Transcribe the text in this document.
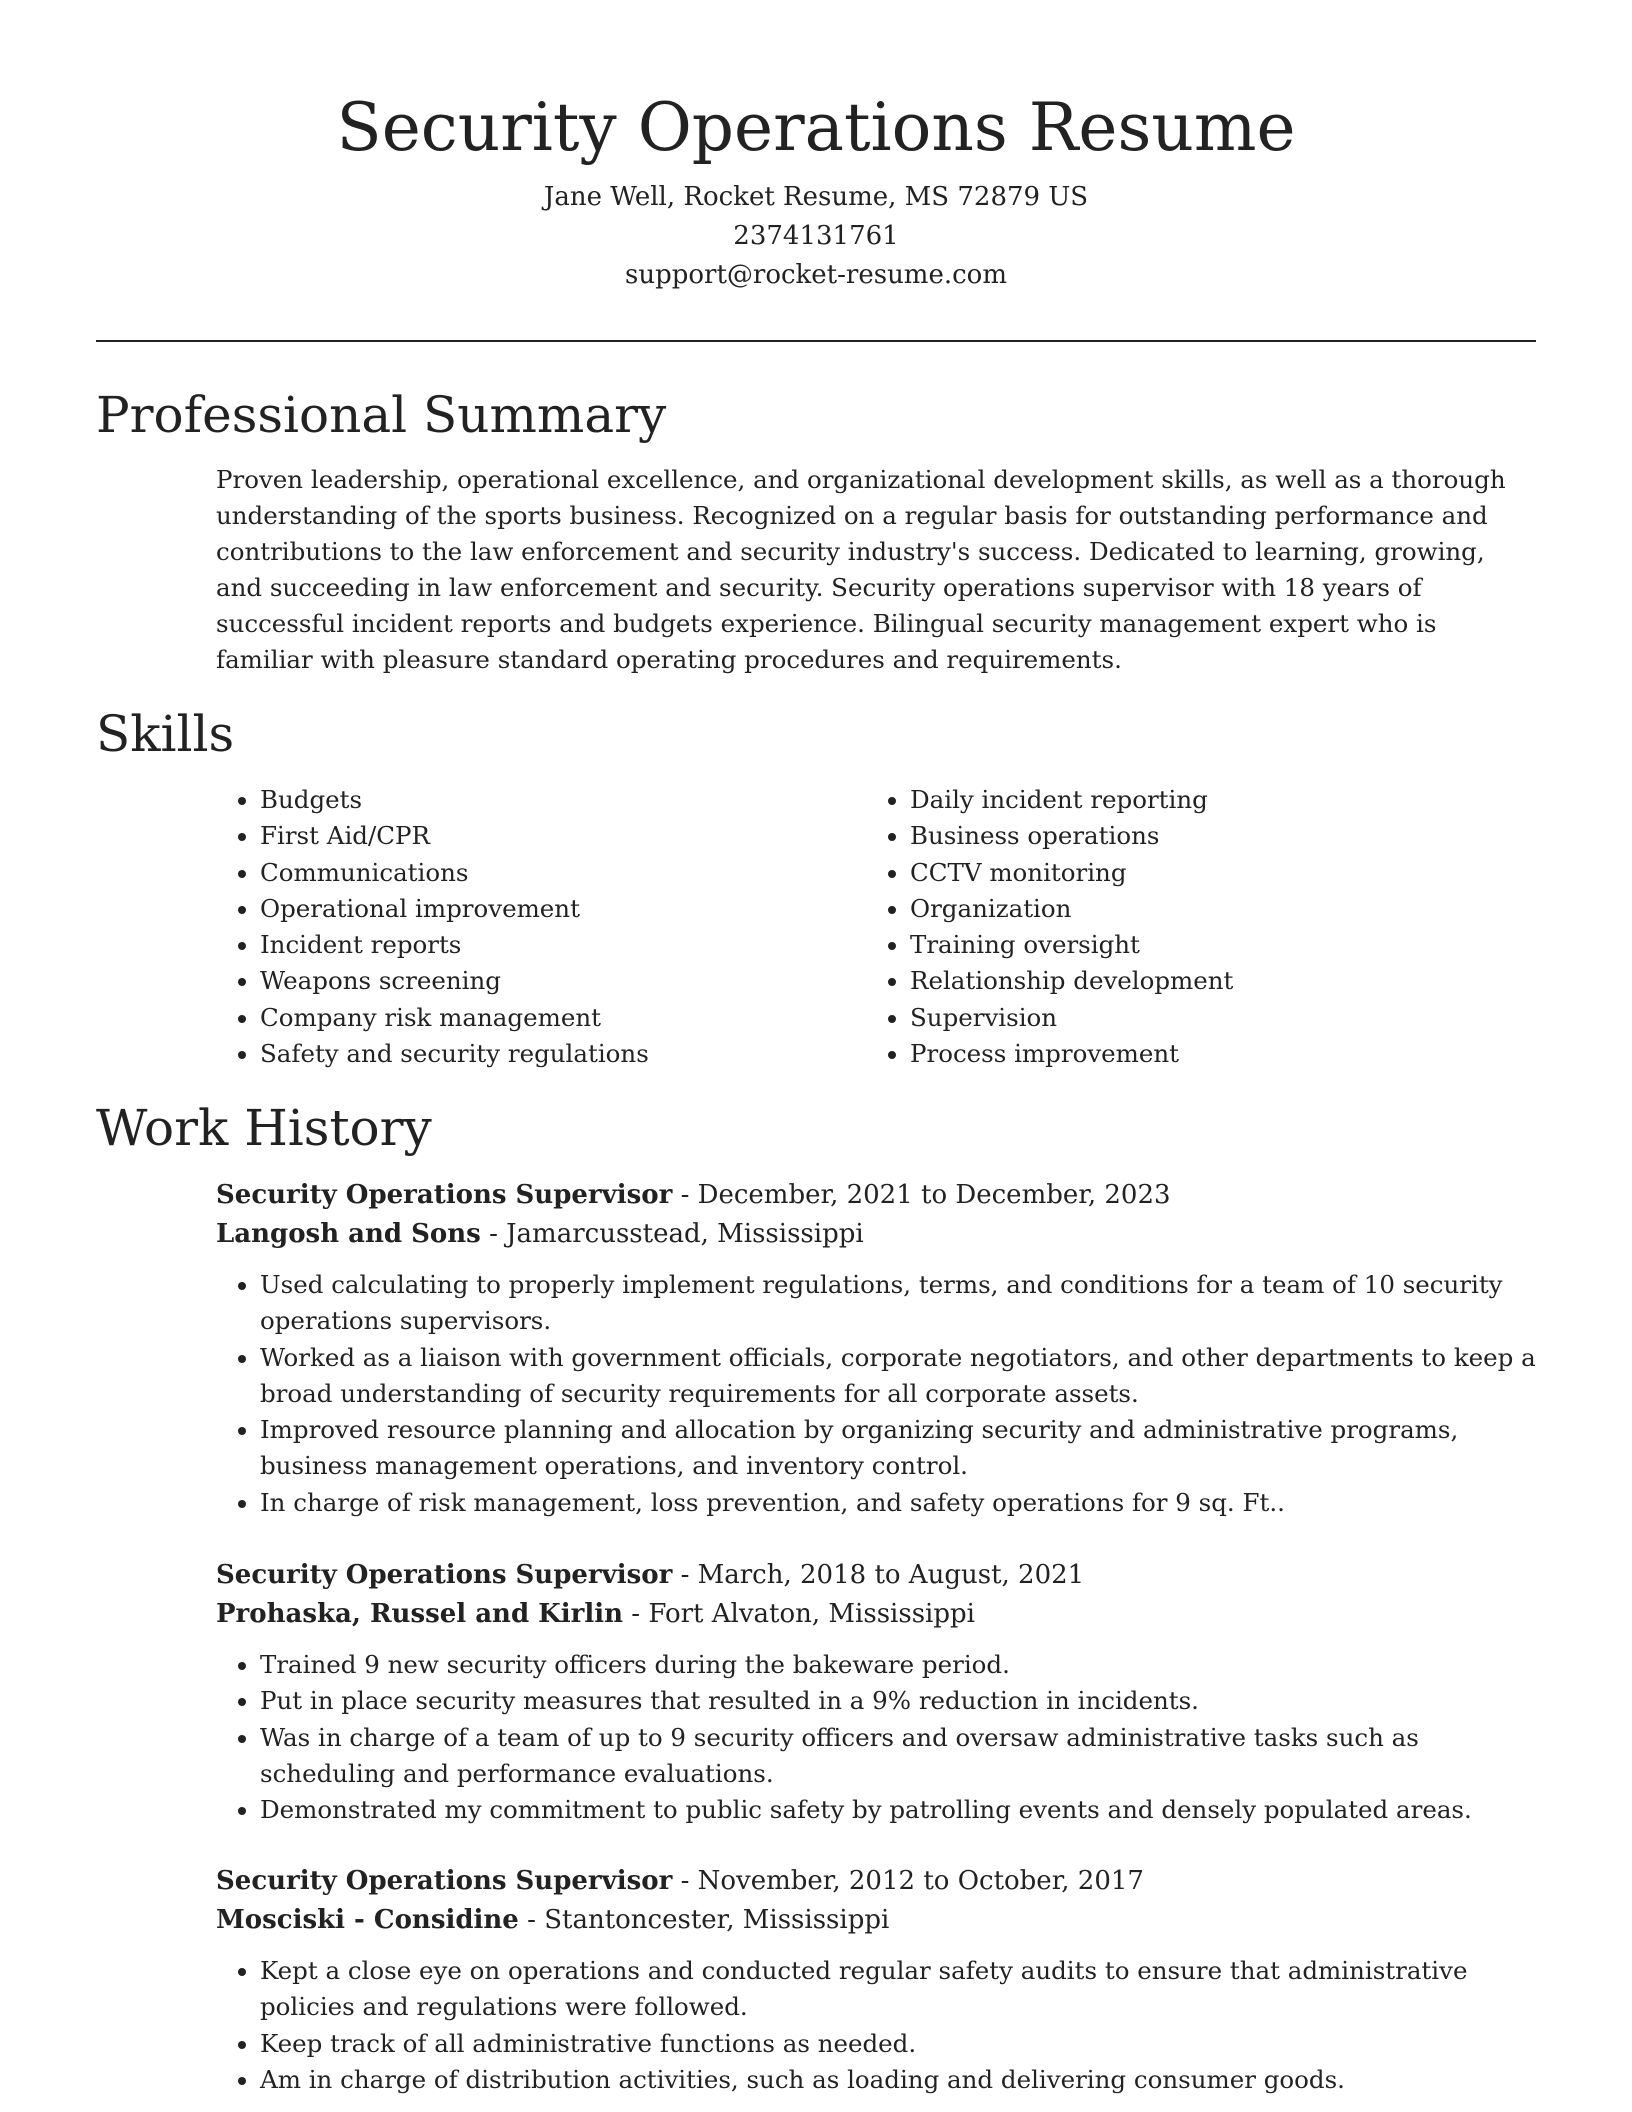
Security Operations Resume
Jane Well, Rocket Resume, MS 72879 US
2374131761
support@rocket-resume.com
Professional Summary

Proven leadership, operational excellence, and organizational development skills, as well as a thorough understanding of the sports business. Recognized on a regular basis for outstanding performance and contributions to the law enforcement and security industry's success. Dedicated to learning, growing, and succeeding in law enforcement and security. Security operations supervisor with 18 years of successful incident reports and budgets experience. Bilingual security management expert who is familiar with pleasure standard operating procedures and requirements.

Skills
• Budgets
• First Aid/CPR
• Communications
• Operational improvement
• Incident reports
• Weapons screening
• Company risk management
• Safety and security regulations
• Daily incident reporting
• Business operations
• CCTV monitoring
• Organization
• Training oversight
• Relationship development
• Supervision
• Process improvement
Work History
Security Operations Supervisor - December, 2021 to December, 2023
Langosh and Sons - Jamarcusstead, Mississippi
• Used calculating to properly implement regulations, terms, and conditions for a team of 10 security operations supervisors.
• Worked as a liaison with government officials, corporate negotiators, and other departments to keep a broad understanding of security requirements for all corporate assets.
• Improved resource planning and allocation by organizing security and administrative programs, business management operations, and inventory control.
• In charge of risk management, loss prevention, and safety operations for 9 sq. Ft..
Security Operations Supervisor - March, 2018 to August, 2021
Prohaska, Russel and Kirlin - Fort Alvaton, Mississippi
• Trained 9 new security officers during the bakeware period.
• Put in place security measures that resulted in a 9% reduction in incidents.
• Was in charge of a team of up to 9 security officers and oversaw administrative tasks such as scheduling and performance evaluations.
• Demonstrated my commitment to public safety by patrolling events and densely populated areas.
Security Operations Supervisor - November, 2012 to October, 2017
Mosciski - Considine - Stantoncester, Mississippi
• Kept a close eye on operations and conducted regular safety audits to ensure that administrative policies and regulations were followed.
• Keep track of all administrative functions as needed.
• Am in charge of distribution activities, such as loading and delivering consumer goods.
